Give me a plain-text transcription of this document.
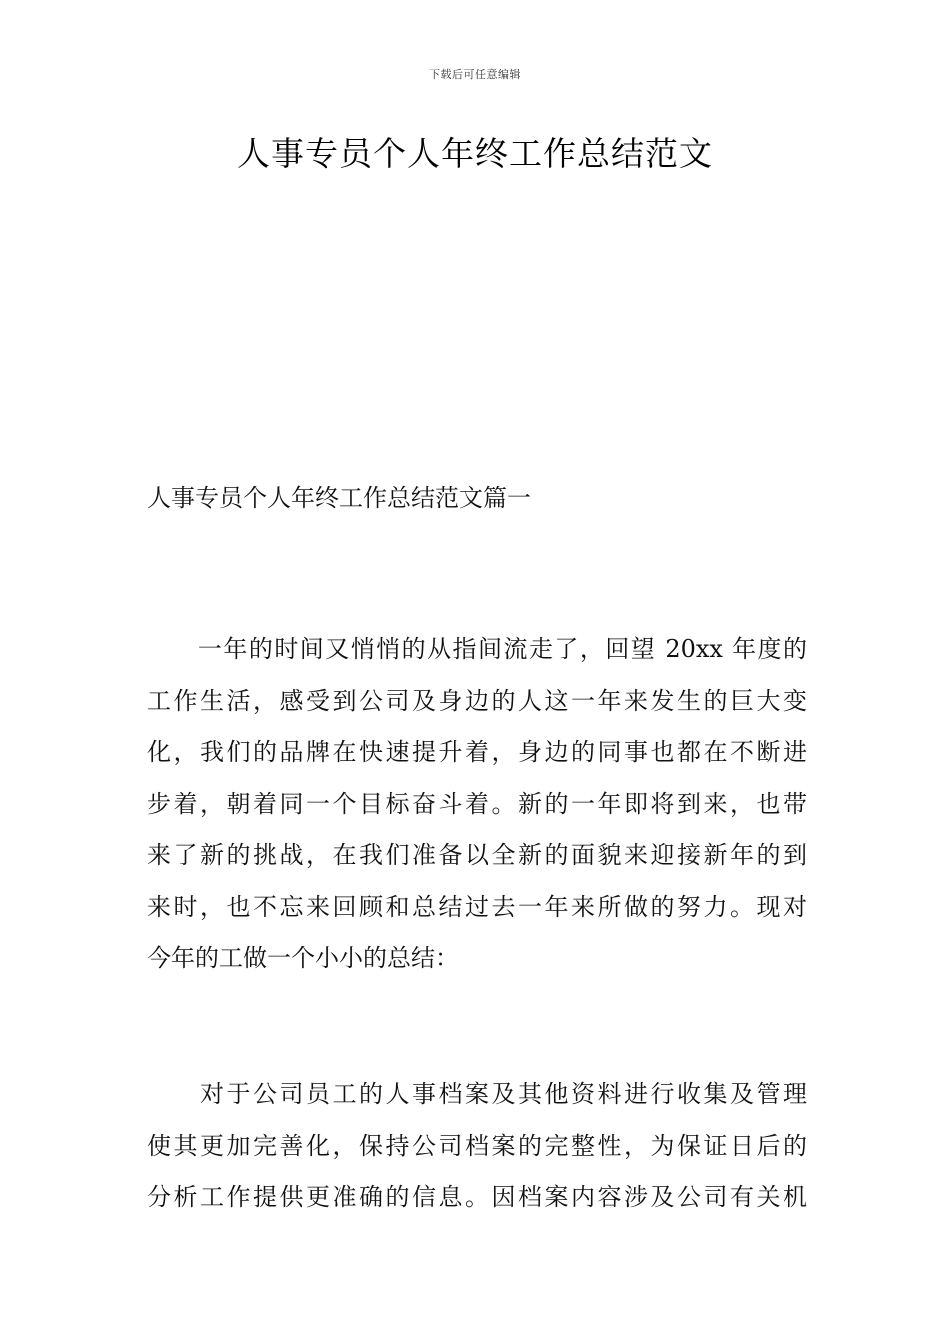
下载后可任意编辑
人事专员个人年终工作总结范文
人事专员个人年终工作总结范文篇一

　　一年的时间又悄悄的从指间流走了，回望 20xx 年度的
工作生活，感受到公司及身边的人这一年来发生的巨大变
化，我们的品牌在快速提升着，身边的同事也都在不断进
步着，朝着同一个目标奋斗着。新的一年即将到来，也带
来了新的挑战，在我们准备以全新的面貌来迎接新年的到
来时，也不忘来回顾和总结过去一年来所做的努力。现对
今年的工做一个小小的总结：

　　对于公司员工的人事档案及其他资料进行收集及管理
使其更加完善化，保持公司档案的完整性，为保证日后的
分析工作提供更准确的信息。因档案内容涉及公司有关机
